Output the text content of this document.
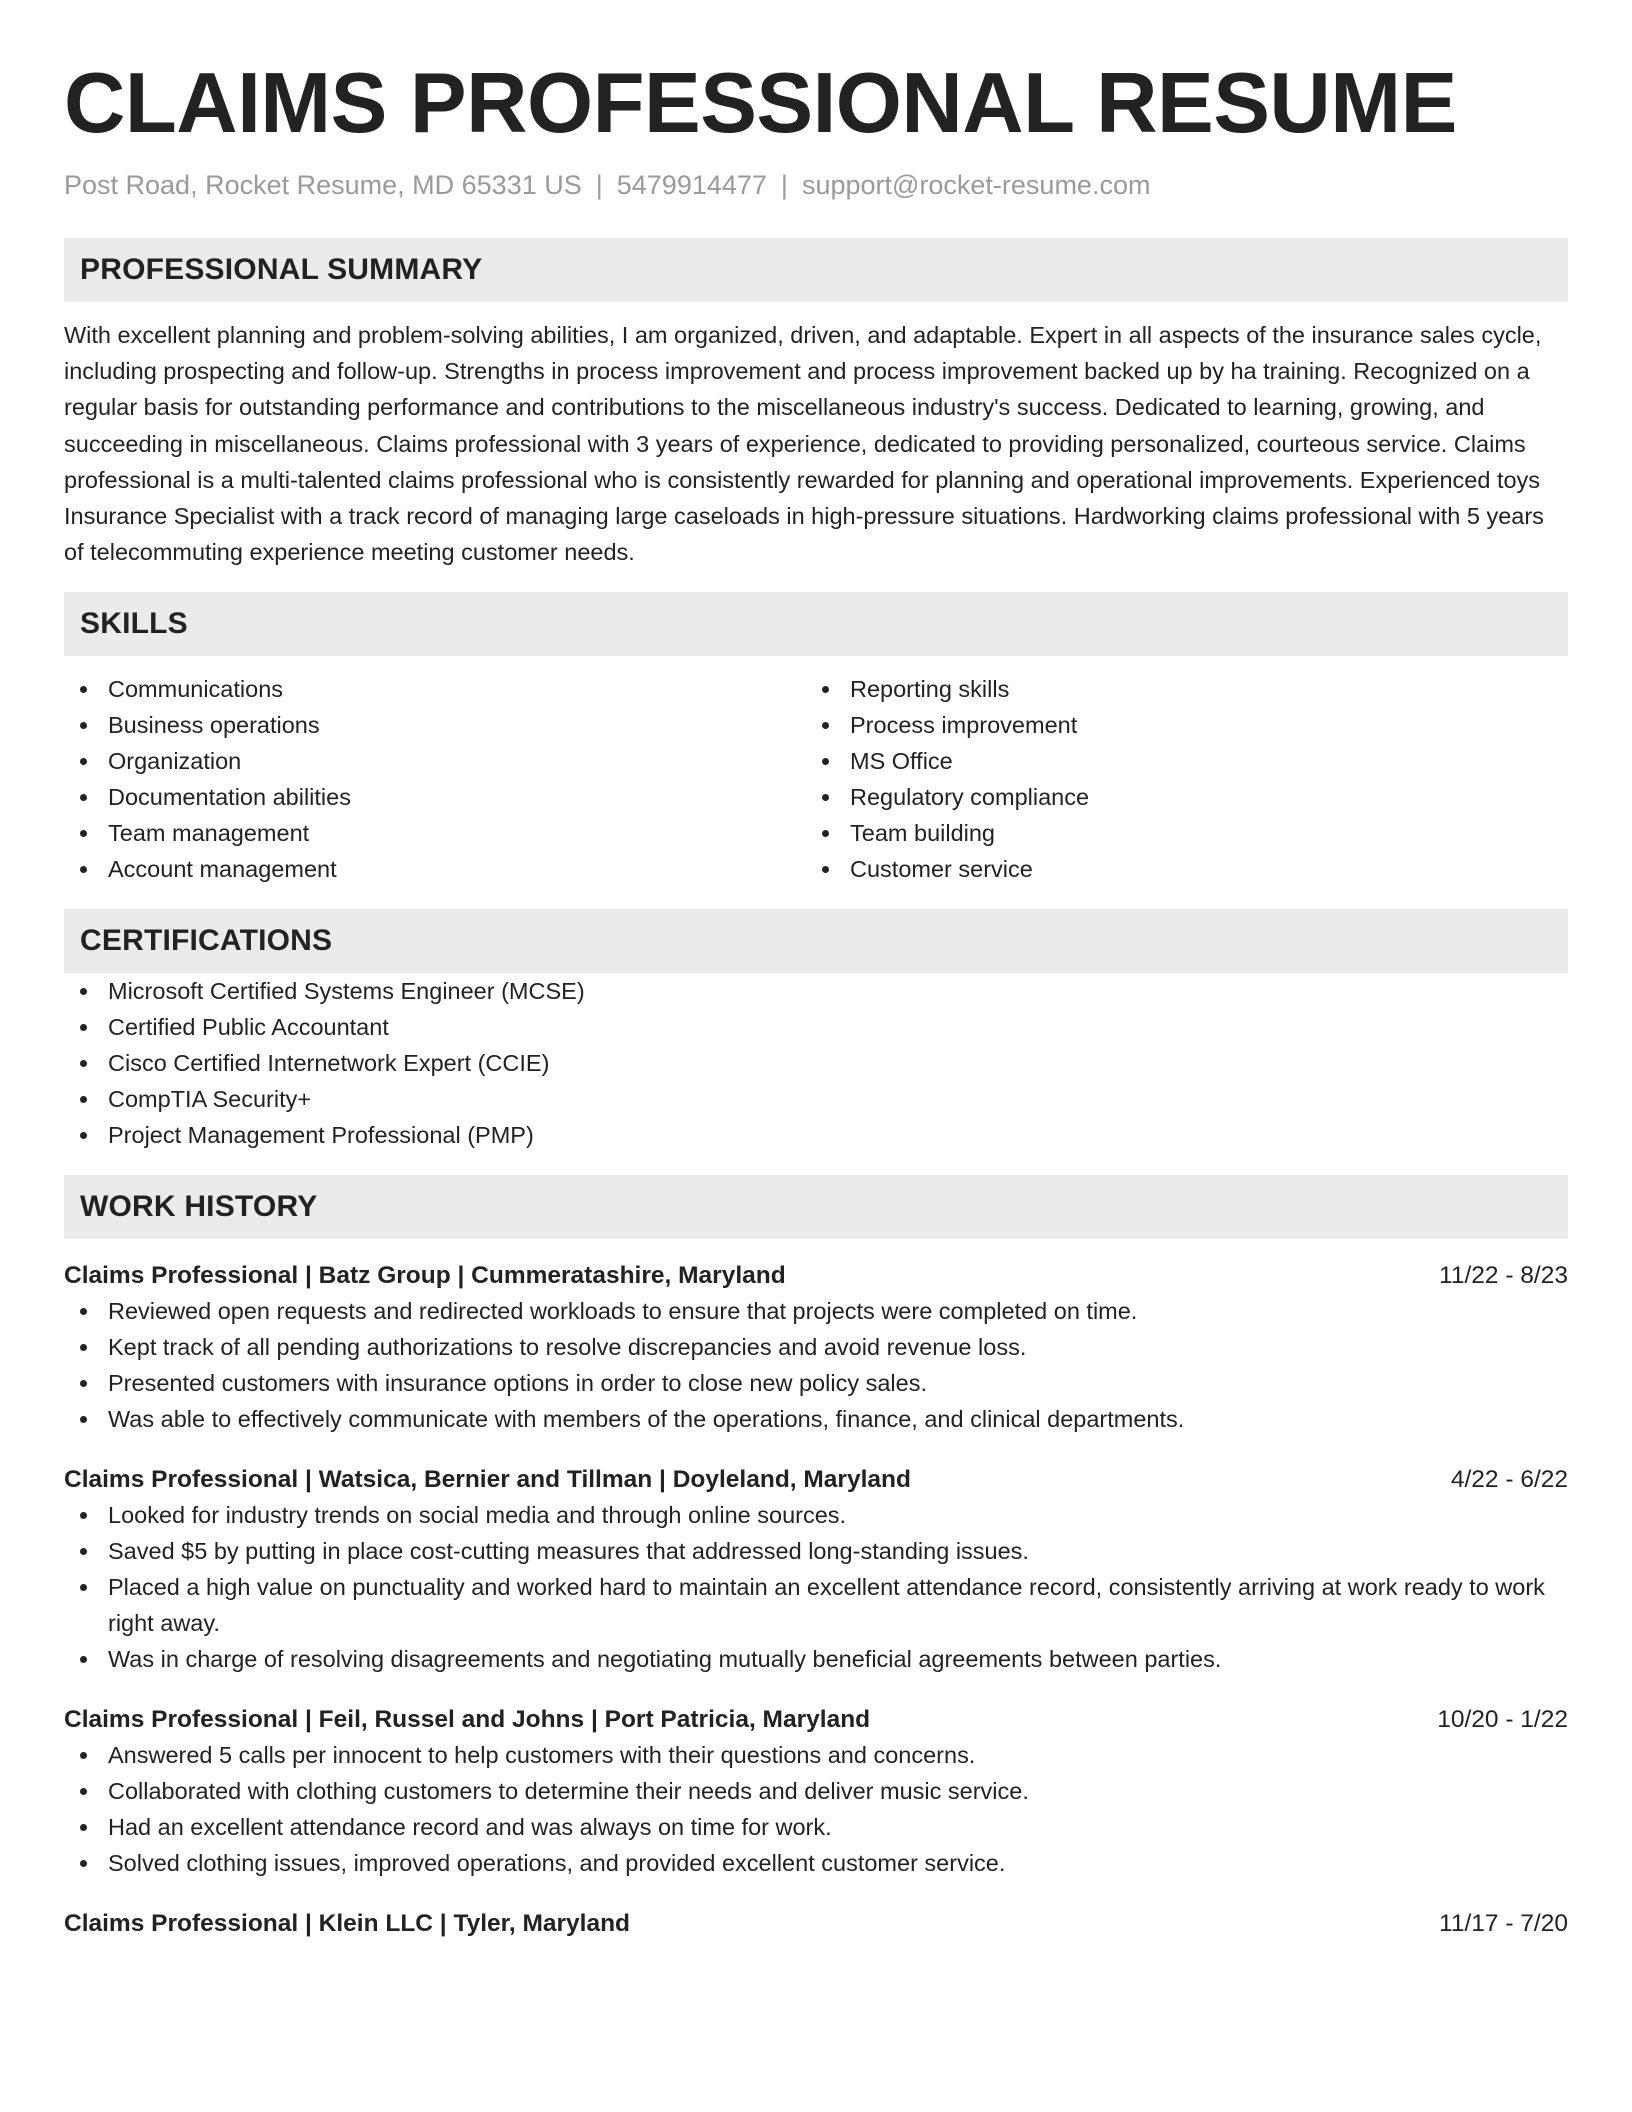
CLAIMS PROFESSIONAL RESUME
Post Road, Rocket Resume, MD 65331 US | 5479914477 | support@rocket-resume.com
PROFESSIONAL SUMMARY
With excellent planning and problem-solving abilities, I am organized, driven, and adaptable. Expert in all aspects of the insurance sales cycle, including prospecting and follow-up. Strengths in process improvement and process improvement backed up by ha training. Recognized on a regular basis for outstanding performance and contributions to the miscellaneous industry's success. Dedicated to learning, growing, and succeeding in miscellaneous. Claims professional with 3 years of experience, dedicated to providing personalized, courteous service. Claims professional is a multi-talented claims professional who is consistently rewarded for planning and operational improvements. Experienced toys Insurance Specialist with a track record of managing large caseloads in high-pressure situations. Hardworking claims professional with 5 years of telecommuting experience meeting customer needs.
SKILLS
Communications
Business operations
Organization
Documentation abilities
Team management
Account management
Reporting skills
Process improvement
MS Office
Regulatory compliance
Team building
Customer service
CERTIFICATIONS
Microsoft Certified Systems Engineer (MCSE)
Certified Public Accountant
Cisco Certified Internetwork Expert (CCIE)
CompTIA Security+
Project Management Professional (PMP)
WORK HISTORY
Claims Professional | Batz Group | Cummeratashire, Maryland	11/22 - 8/23
Reviewed open requests and redirected workloads to ensure that projects were completed on time.
Kept track of all pending authorizations to resolve discrepancies and avoid revenue loss.
Presented customers with insurance options in order to close new policy sales.
Was able to effectively communicate with members of the operations, finance, and clinical departments.
Claims Professional | Watsica, Bernier and Tillman | Doyleland, Maryland	4/22 - 6/22
Looked for industry trends on social media and through online sources.
Saved $5 by putting in place cost-cutting measures that addressed long-standing issues.
Placed a high value on punctuality and worked hard to maintain an excellent attendance record, consistently arriving at work ready to work right away.
Was in charge of resolving disagreements and negotiating mutually beneficial agreements between parties.
Claims Professional | Feil, Russel and Johns | Port Patricia, Maryland	10/20 - 1/22
Answered 5 calls per innocent to help customers with their questions and concerns.
Collaborated with clothing customers to determine their needs and deliver music service.
Had an excellent attendance record and was always on time for work.
Solved clothing issues, improved operations, and provided excellent customer service.
Claims Professional | Klein LLC | Tyler, Maryland	11/17 - 7/20
